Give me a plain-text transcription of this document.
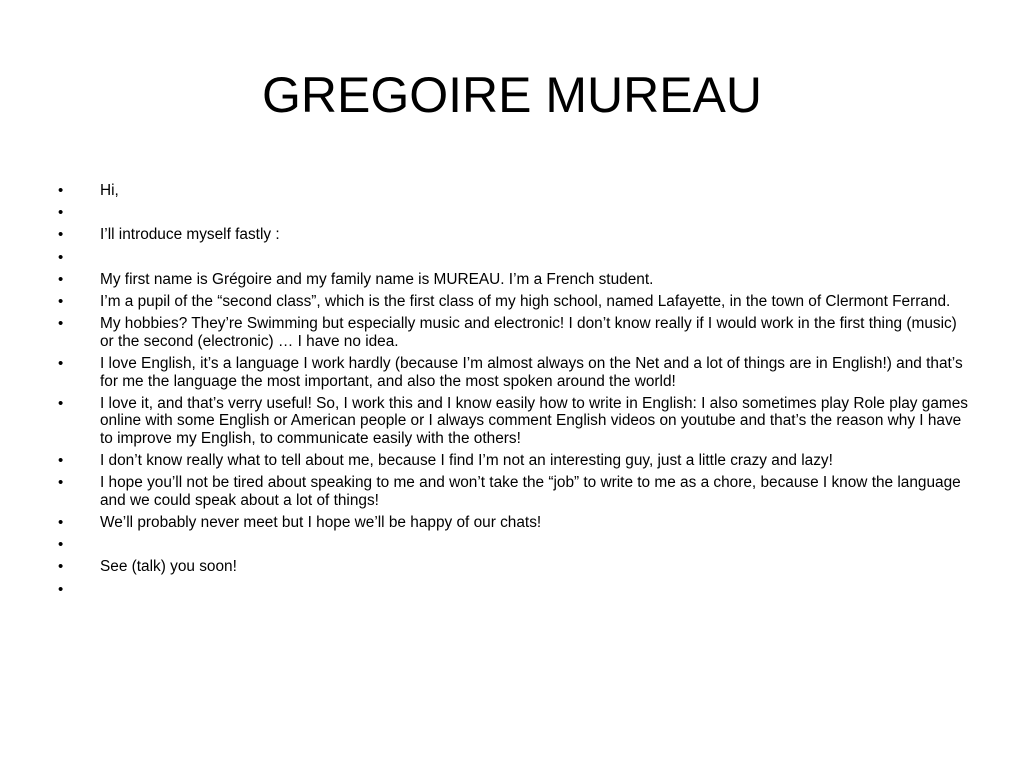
GREGOIRE MUREAU
• Hi,
•
• I’ll introduce myself fastly :
•
• My first name is Grégoire and my family name is MUREAU. I’m a French student.
• I’m a pupil of the “second class”, which is the first class of my high school, named Lafayette, in the town of Clermont Ferrand.
• My hobbies? They’re Swimming but especially music and electronic! I don’t know really if I would work in the first thing (music) or the second (electronic) … I have no idea.
• I love English, it’s a language I work hardly (because I’m almost always on the Net and a lot of things are in English!) and that’s for me the language the most important, and also the most spoken around the world!
• I love it, and that’s verry useful! So, I work this and I know easily how to write in English: I also sometimes play Role play games online with some English or American people or I always comment English videos on youtube and that’s the reason why I have to improve my English, to communicate easily with the others!
• I don’t know really what to tell about me, because I find I’m not an interesting guy, just a little crazy and lazy!
• I hope you’ll not be tired about speaking to me and won’t take the “job” to write to me as a chore, because I know the language and we could speak about a lot of things!
• We’ll probably never meet but I hope we’ll be happy of our chats!
•
• See (talk) you soon!
•
